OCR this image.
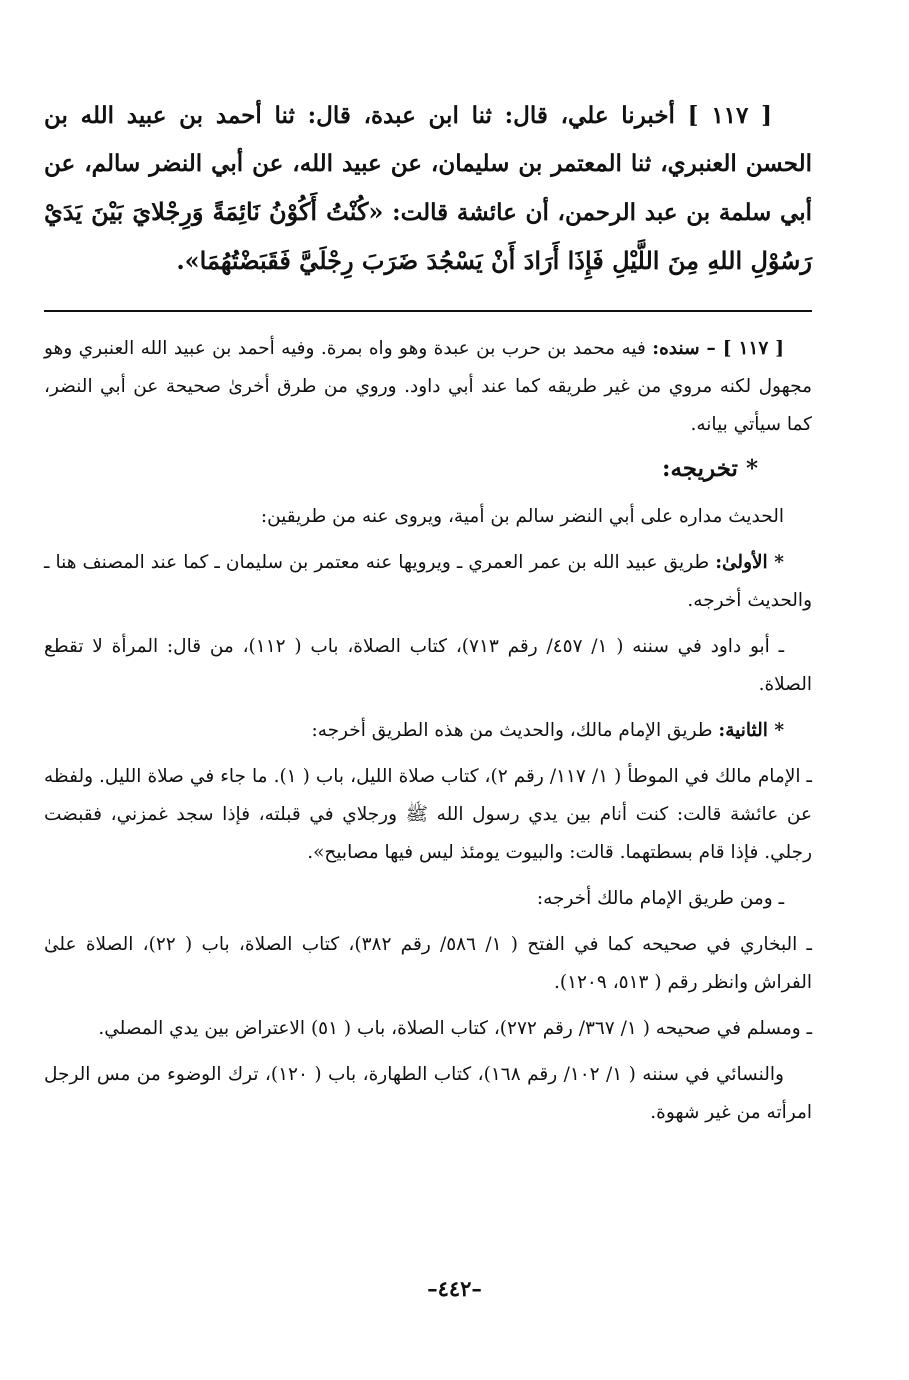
[ ١١٧ ] أخبرنا علي، قال: ثنا ابن عبدة، قال: ثنا أحمد بن عبيد الله بن الحسن العنبري، ثنا المعتمر بن سليمان، عن عبيد الله، عن أبي النضر سالم، عن أبي سلمة بن عبد الرحمن، أن عائشة قالت: «كُنْتُ أَكُوْنُ نَائِمَةً وَرِجْلايَ بَيْنَ يَدَيْ رَسُوْلِ اللهِ مِنَ اللَّيْلِ فَإِذَا أَرَادَ أَنْ يَسْجُدَ ضَرَبَ رِجْلَيَّ فَقَبَضْتُهُمَا».

[ ١١٧ ] – سنده: فيه محمد بن حرب بن عبدة وهو واه بمرة. وفيه أحمد بن عبيد الله العنبري وهو مجهول لكنه مروي من غير طريقه كما عند أبي داود. وروي من طرق أخرىٰ صحيحة عن أبي النضر، كما سيأتي بيانه.

* تخريجه:

الحديث مداره على أبي النضر سالم بن أمية، ويروى عنه من طريقين:

* الأولىٰ: طريق عبيد الله بن عمر العمري ـ ويرويها عنه معتمر بن سليمان ـ كما عند المصنف هنا ـ والحديث أخرجه.

ـ أبو داود في سننه ( ١/ ٤٥٧/ رقم ٧١٣)، كتاب الصلاة، باب ( ١١٢)، من قال: المرأة لا تقطع الصلاة.

* الثانية: طريق الإمام مالك، والحديث من هذه الطريق أخرجه:

ـ الإمام مالك في الموطأ ( ١/ ١١٧/ رقم ٢)، كتاب صلاة الليل، باب ( ١). ما جاء في صلاة الليل. ولفظه عن عائشة قالت: كنت أنام بين يدي رسول الله ﷺ ورجلاي في قبلته، فإذا سجد غمزني، فقبضت رجلي. فإذا قام بسطتهما. قالت: والبيوت يومئذ ليس فيها مصابيح».

ـ ومن طريق الإمام مالك أخرجه:

ـ البخاري في صحيحه كما في الفتح ( ١/ ٥٨٦/ رقم ٣٨٢)، كتاب الصلاة، باب ( ٢٢)، الصلاة علىٰ الفراش وانظر رقم ( ٥١٣، ١٢٠٩).

ـ ومسلم في صحيحه ( ١/ ٣٦٧/ رقم ٢٧٢)، كتاب الصلاة، باب ( ٥١) الاعتراض بين يدي المصلي.

والنسائي في سننه ( ١/ ١٠٢/ رقم ١٦٨)، كتاب الطهارة، باب ( ١٢٠)، ترك الوضوء من مس الرجل امرأته من غير شهوة.

–٤٤٢–
